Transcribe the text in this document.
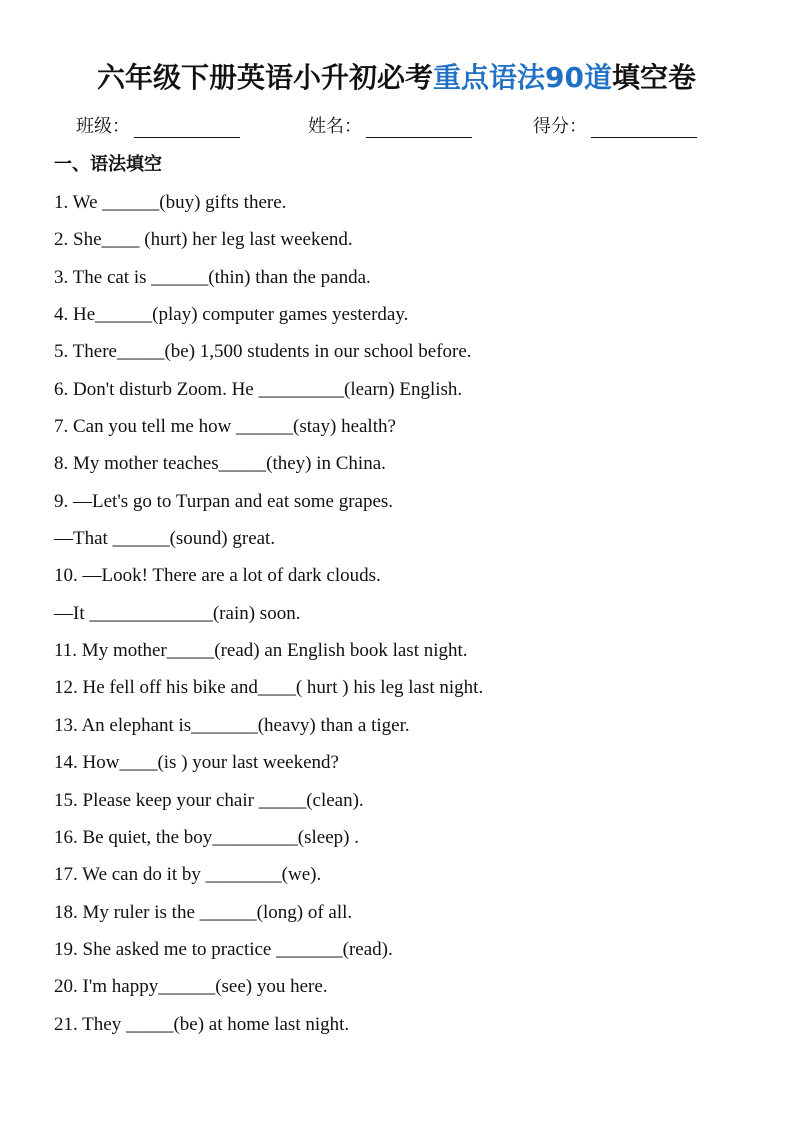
六年级下册英语小升初必考重点语法90道填空卷
班级：	姓名：	得分：
一、语法填空
1. We ______(buy) gifts there.
2. She____ (hurt) her leg last weekend.
3. The cat is ______(thin) than the panda.
4. He______(play) computer games yesterday.
5. There_____(be) 1,500 students in our school before.
6. Don't disturb Zoom. He _________(learn) English.
7. Can you tell me how ______(stay) health?
8. My mother teaches_____(they) in China.
9. —Let's go to Turpan and eat some grapes.
—That ______(sound) great.
10. —Look! There are a lot of dark clouds.
—It _____________(rain) soon.
11. My mother_____(read) an English book last night.
12. He fell off his bike and____( hurt ) his leg last night.
13. An elephant is_______(heavy) than a tiger.
14. How____(is ) your last weekend?
15. Please keep your chair _____(clean).
16. Be quiet, the boy_________(sleep) .
17. We can do it by ________(we).
18. My ruler is the ______(long) of all.
19. She asked me to practice _______(read).
20. I'm happy______(see) you here.
21. They _____(be) at home last night.
